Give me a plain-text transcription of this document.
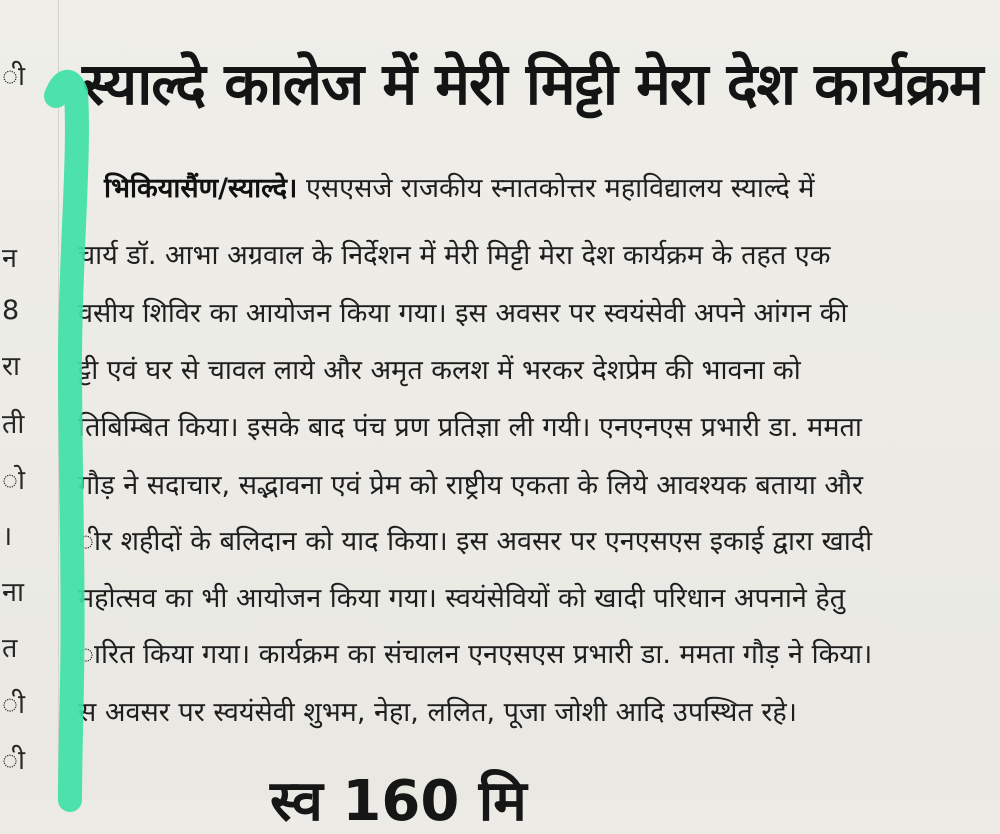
ी
न
8
रा
ती
ो
।
ना
त
ी
ी
स्याल्दे कालेज में मेरी मिट्टी मेरा देश कार्यक्रम
भिकियासैंण/स्याल्दे। एसएसजे राजकीय स्नातकोत्तर महाविद्यालय स्याल्दे में
चार्य डॉ. आभा अग्रवाल के निर्देशन में मेरी मिट्टी मेरा देश कार्यक्रम के तहत एक
वसीय शिविर का आयोजन किया गया। इस अवसर पर स्वयंसेवी अपने आंगन की
ट्टी एवं घर से चावल लाये और अमृत कलश में भरकर देशप्रेम की भावना को
तिबिम्बित किया। इसके बाद पंच प्रण प्रतिज्ञा ली गयी। एनएनएस प्रभारी डा. ममता
गौड़ ने सदाचार, सद्भावना एवं प्रेम को राष्ट्रीय एकता के लिये आवश्यक बताया और
ीर शहीदों के बलिदान को याद किया। इस अवसर पर एनएसएस इकाई द्वारा खादी
महोत्सव का भी आयोजन किया गया। स्वयंसेवियों को खादी परिधान अपनाने हेतु
ारित किया गया। कार्यक्रम का संचालन एनएसएस प्रभारी डा. ममता गौड़ ने किया।
स अवसर पर स्वयंसेवी शुभम, नेहा, ललित, पूजा जोशी आदि उपस्थित रहे।
स्व 160 मि
